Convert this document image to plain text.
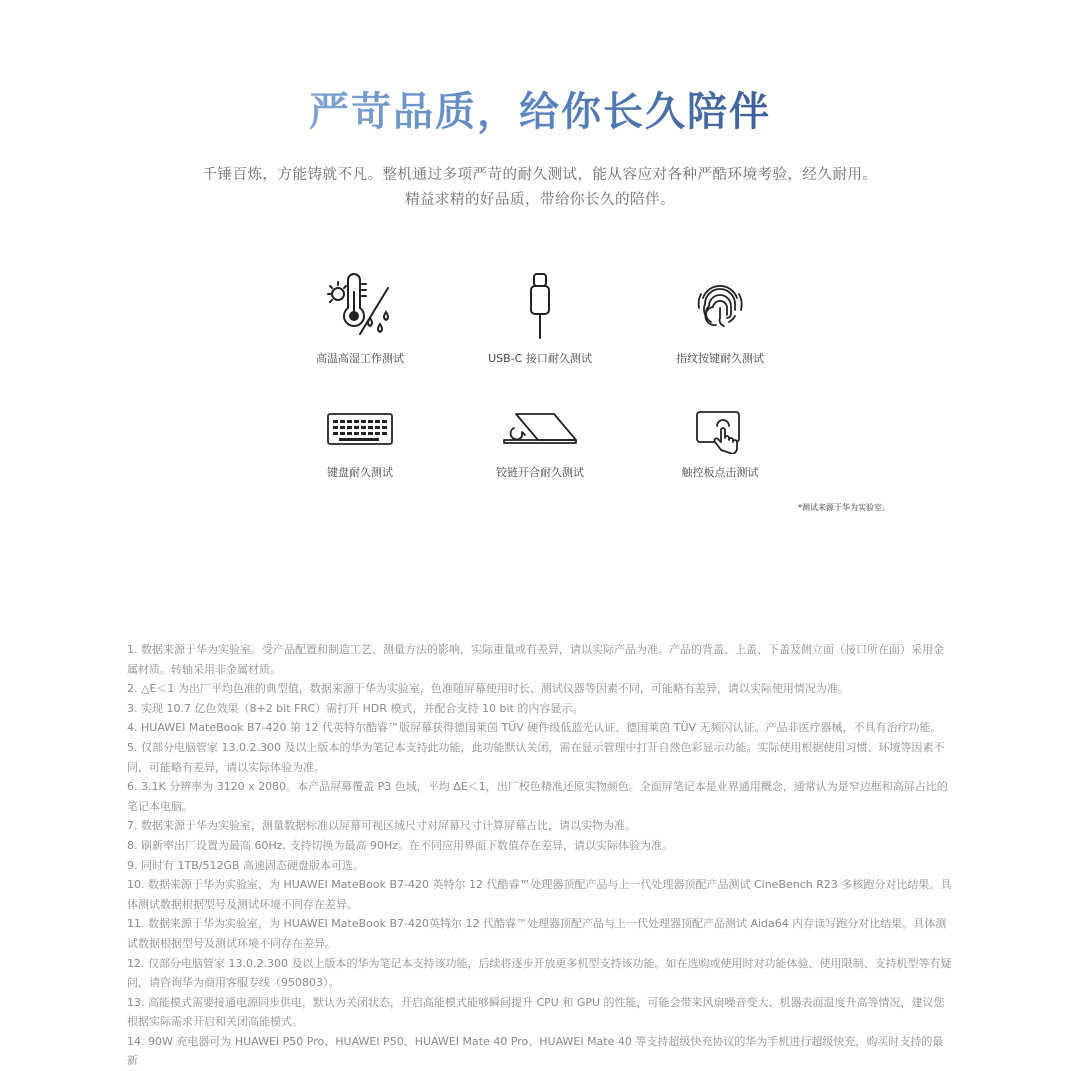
严苛品质，给你长久陪伴
千锤百炼，方能铸就不凡。整机通过多项严苛的耐久测试，能从容应对各种严酷环境考验，经久耐用。
精益求精的好品质，带给你长久的陪伴。
高温高湿工作测试	USB-C 接口耐久测试	指纹按键耐久测试
键盘耐久测试	铰链开合耐久测试	触控板点击测试
*测试来源于华为实验室。

1. 数据来源于华为实验室。受产品配置和制造工艺、测量方法的影响，实际重量或有差异，请以实际产品为准。产品的背盖、上盖、下盖及侧立面（接口所在面）采用金属材质。转轴采用非金属材质。

2. △E＜1 为出厂平均色准的典型值，数据来源于华为实验室，色准随屏幕使用时长、测试仪器等因素不同，可能略有差异，请以实际使用情况为准。

3. 实现 10.7 亿色效果（8+2 bit FRC）需打开 HDR 模式，并配合支持 10 bit 的内容显示。

4. HUAWEI MateBook B7-420 第 12 代英特尔酷睿™版屏幕获得德国莱茵 TÜV 硬件级低蓝光认证、德国莱茵 TÜV 无频闪认证。产品非医疗器械，不具有治疗功能。

5. 仅部分电脑管家 13.0.2.300 及以上版本的华为笔记本支持此功能，此功能默认关闭，需在显示管理中打开自然色彩显示功能。实际使用根据使用习惯、环境等因素不同，可能略有差异，请以实际体验为准。

6. 3.1K 分辨率为 3120 x 2080。本产品屏幕覆盖 P3 色域，平均 ΔE＜1，出厂校色精准还原实物颜色。全面屏笔记本是业界通用概念，通常认为是窄边框和高屏占比的笔记本电脑。

7. 数据来源于华为实验室，测量数据标准以屏幕可视区域尺寸对屏幕尺寸计算屏幕占比，请以实物为准。

8. 刷新率出厂设置为最高 60Hz, 支持切换为最高 90Hz。在不同应用界面下数值存在差异，请以实际体验为准。

9. 同时有 1TB/512GB 高速固态硬盘版本可选。

10. 数据来源于华为实验室，为 HUAWEI MateBook B7-420 英特尔 12 代酷睿™处理器顶配产品与上一代处理器顶配产品测试 CineBench R23 多核跑分对比结果。具体测试数据根据型号及测试环境不同存在差异。

11. 数据来源于华为实验室，为 HUAWEI MateBook B7-420英特尔 12 代酷睿™处理器顶配产品与上一代处理器顶配产品测试 Aida64 内存读写跑分对比结果。具体测试数据根据型号及测试环境不同存在差异。

12. 仅部分电脑管家 13.0.2.300 及以上版本的华为笔记本支持该功能，后续将逐步开放更多机型支持该功能。如在选购或使用时对功能体验、使用限制、支持机型等有疑问，请咨询华为商用客服专线（950803）。

13. 高能模式需要接通电源同步供电，默认为关闭状态，开启高能模式能够瞬间提升 CPU 和 GPU 的性能，可能会带来风扇噪音变大、机器表面温度升高等情况，建议您根据实际需求开启和关闭高能模式。

14. 90W 充电器可为 HUAWEI P50 Pro、HUAWEI P50、HUAWEI Mate 40 Pro、HUAWEI Mate 40 等支持超级快充协议的华为手机进行超级快充，购买时支持的最新
